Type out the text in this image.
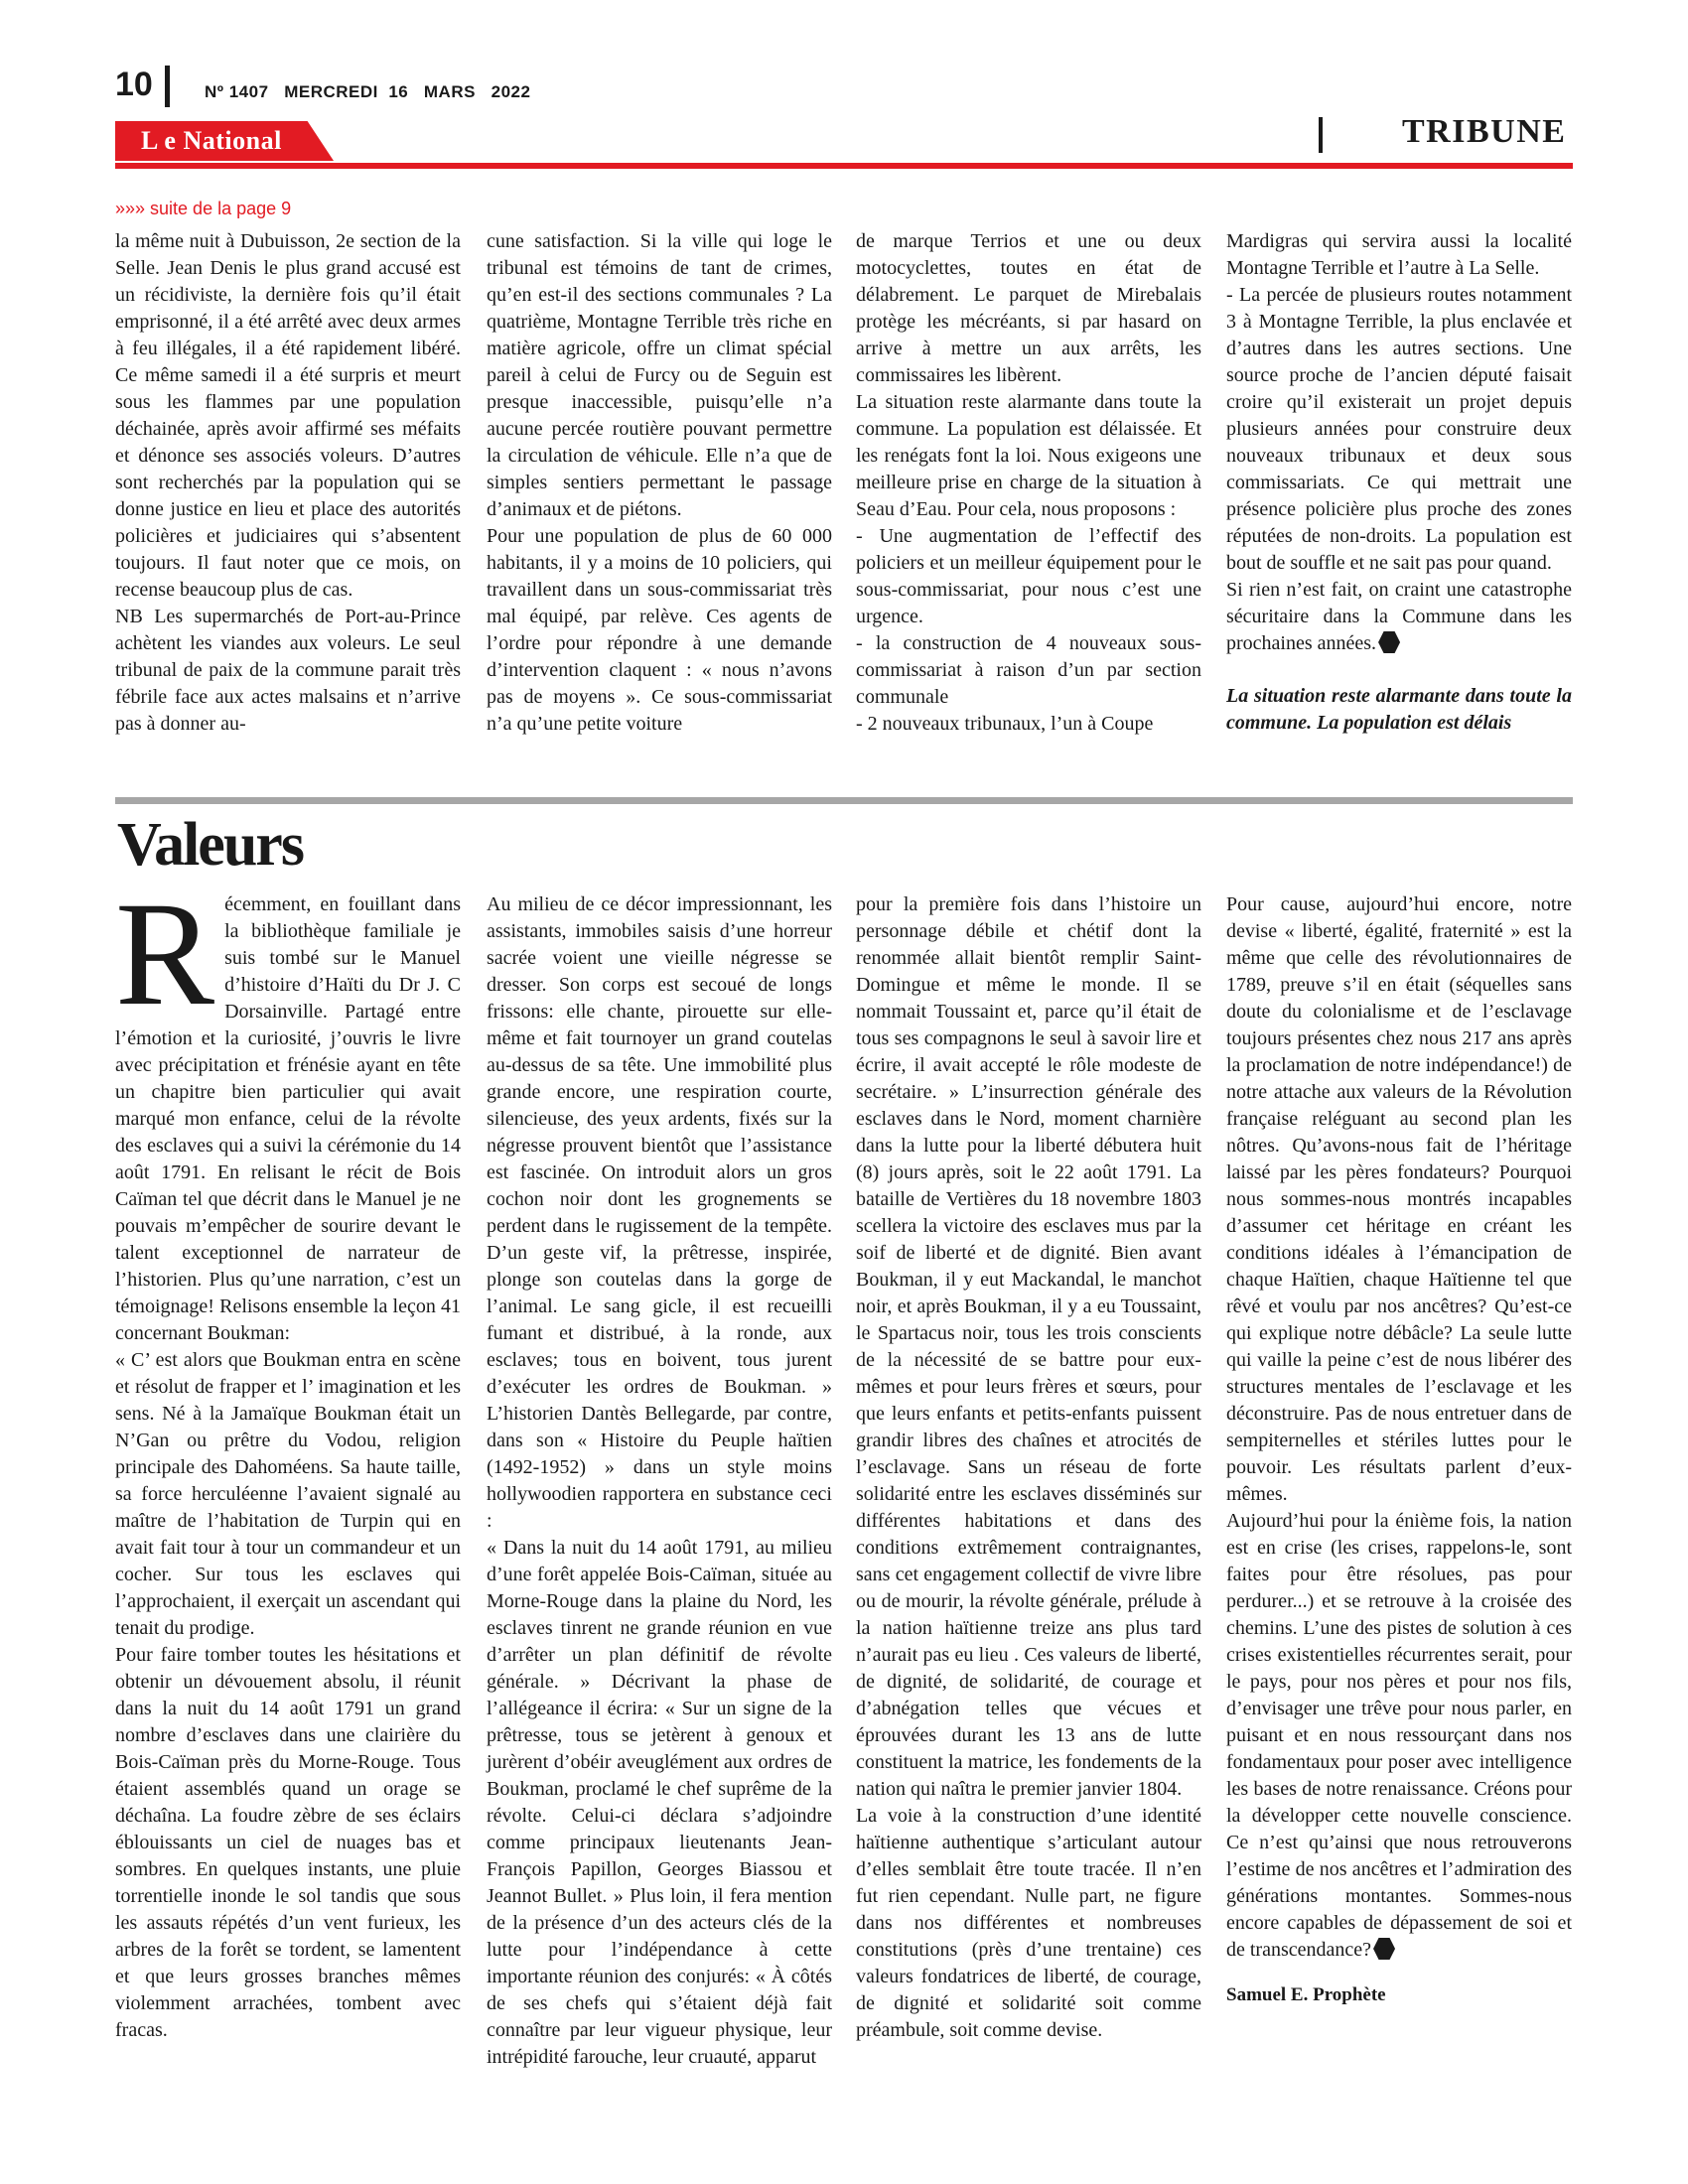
10	Nº 1407   MERCREDI  16   MARS   2022
L e National	TRIBUNE
»»» suite de la page 9

la même nuit à Dubuisson, 2e section de la Selle. Jean Denis le plus grand accusé est un récidiviste, la dernière fois qu’il était emprisonné, il a été arrêté avec deux armes à feu illégales, il a été rapidement libéré. Ce même samedi il a été surpris et meurt sous les flammes par une population déchainée, après avoir affirmé ses méfaits et dénonce ses associés voleurs. D’autres sont recherchés par la population qui se donne justice en lieu et place des autorités policières et judiciaires qui s’absentent toujours. Il faut noter que ce mois, on recense beaucoup plus de cas.

NB Les supermarchés de Port-au-Prince achètent les viandes aux voleurs. Le seul tribunal de paix de la commune parait très fébrile face aux actes malsains et n’arrive pas à donner au-

cune satisfaction. Si la ville qui loge le tribunal est témoins de tant de crimes, qu’en est-il des sections communales ? La quatrième, Montagne Terrible très riche en matière agricole, offre un climat spécial pareil à celui de Furcy ou de Seguin est presque inaccessible, puisqu’elle n’a aucune percée routière pouvant permettre la circulation de véhicule. Elle n’a que de simples sentiers permettant le passage d’animaux et de piétons.

Pour une population de plus de 60 000 habitants, il y a moins de 10 policiers, qui travaillent dans un sous-commissariat très mal équipé, par relève. Ces agents de l’ordre pour répondre à une demande d’intervention claquent : « nous n’avons pas de moyens ». Ce sous-commissariat n’a qu’une petite voiture

de marque Terrios et une ou deux motocyclettes, toutes en état de délabrement. Le parquet de Mirebalais protège les mécréants, si par hasard on arrive à mettre un aux arrêts, les commissaires les libèrent.

La situation reste alarmante dans toute la commune. La population est délaissée. Et les renégats font la loi. Nous exigeons une meilleure prise en charge de la situation à Seau d’Eau. Pour cela, nous proposons :

- Une augmentation de l’effectif des policiers et un meilleur équipement pour le sous-commissariat, pour nous c’est une urgence.

- la construction de 4 nouveaux sous-commissariat à raison d’un par section communale

- 2 nouveaux tribunaux, l’un à Coupe

Mardigras qui servira aussi la localité Montagne Terrible et l’autre à La Selle.

- La percée de plusieurs routes notamment 3 à Montagne Terrible, la plus enclavée et d’autres dans les autres sections. Une source proche de l’ancien député faisait croire qu’il existerait un projet depuis plusieurs années pour construire deux nouveaux tribunaux et deux sous commissariats. Ce qui mettrait une présence policière plus proche des zones réputées de non-droits. La population est bout de souffle et ne sait pas pour quand.

Si rien n’est fait, on craint une catastrophe sécuritaire dans la Commune dans les prochaines années.

La situation reste alarmante dans toute la commune. La population est délais

Valeurs

Récemment, en fouillant dans la bibliothèque familiale je suis tombé sur le Manuel d’histoire d’Haïti du Dr J. C Dorsainville. Partagé entre l’émotion et la curiosité, j’ouvris le livre avec précipitation et frénésie ayant en tête un chapitre bien particulier qui avait marqué mon enfance, celui de la révolte des esclaves qui a suivi la cérémonie du 14 août 1791. En relisant le récit de Bois Caïman tel que décrit dans le Manuel je ne pouvais m’empêcher de sourire devant le talent exceptionnel de narrateur de l’historien. Plus qu’une narration, c’est un témoignage! Relisons ensemble la leçon 41 concernant Boukman:

« C’ est alors que Boukman entra en scène et résolut de frapper et l’ imagination et les sens. Né à la Jamaïque Boukman était un N’Gan ou prêtre du Vodou, religion principale des Dahoméens. Sa haute taille, sa force herculéenne l’avaient signalé au maître de l’habitation de Turpin qui en avait fait tour à tour un commandeur et un cocher. Sur tous les esclaves qui l’approchaient, il exerçait un ascendant qui tenait du prodige.

Pour faire tomber toutes les hésitations et obtenir un dévouement absolu, il réunit dans la nuit du 14 août 1791 un grand nombre d’esclaves dans une clairière du Bois-Caïman près du Morne-Rouge. Tous étaient assemblés quand un orage se déchaîna. La foudre zèbre de ses éclairs éblouissants un ciel de nuages bas et sombres. En quelques instants, une pluie torrentielle inonde le sol tandis que sous les assauts répétés d’un vent furieux, les arbres de la forêt se tordent, se lamentent et que leurs grosses branches mêmes violemment arrachées, tombent avec fracas.

Au milieu de ce décor impressionnant, les assistants, immobiles saisis d’une horreur sacrée voient une vieille négresse se dresser. Son corps est secoué de longs frissons: elle chante, pirouette sur elle-même et fait tournoyer un grand coutelas au-dessus de sa tête. Une immobilité plus grande encore, une respiration courte, silencieuse, des yeux ardents, fixés sur la négresse prouvent bientôt que l’assistance est fascinée. On introduit alors un gros cochon noir dont les grognements se perdent dans le rugissement de la tempête. D’un geste vif, la prêtresse, inspirée, plonge son coutelas dans la gorge de l’animal. Le sang gicle, il est recueilli fumant et distribué, à la ronde, aux esclaves; tous en boivent, tous jurent d’exécuter les ordres de Boukman. » L’historien Dantès Bellegarde, par contre, dans son « Histoire du Peuple haïtien (1492-1952) » dans un style moins hollywoodien rapportera en substance ceci :

« Dans la nuit du 14 août 1791, au milieu d’une forêt appelée Bois-Caïman, située au Morne-Rouge dans la plaine du Nord, les esclaves tinrent ne grande réunion en vue d’arrêter un plan définitif de révolte générale. » Décrivant la phase de l’allégeance il écrira: « Sur un signe de la prêtresse, tous se jetèrent à genoux et jurèrent d’obéir aveuglément aux ordres de Boukman, proclamé le chef suprême de la révolte. Celui-ci déclara s’adjoindre comme principaux lieutenants Jean-François Papillon, Georges Biassou et Jeannot Bullet. » Plus loin, il fera mention de la présence d’un des acteurs clés de la lutte pour l’indépendance à cette importante réunion des conjurés: « À côtés de ses chefs qui s’étaient déjà fait connaître par leur vigueur physique, leur intrépidité farouche, leur cruauté, apparut

pour la première fois dans l’histoire un personnage débile et chétif dont la renommée allait bientôt remplir Saint-Domingue et même le monde. Il se nommait Toussaint et, parce qu’il était de tous ses compagnons le seul à savoir lire et écrire, il avait accepté le rôle modeste de secrétaire. » L’insurrection générale des esclaves dans le Nord, moment charnière dans la lutte pour la liberté débutera huit (8) jours après, soit le 22 août 1791. La bataille de Vertières du 18 novembre 1803 scellera la victoire des esclaves mus par la soif de liberté et de dignité. Bien avant Boukman, il y eut Mackandal, le manchot noir, et après Boukman, il y a eu Toussaint, le Spartacus noir, tous les trois conscients de la nécessité de se battre pour eux-mêmes et pour leurs frères et sœurs, pour que leurs enfants et petits-enfants puissent grandir libres des chaînes et atrocités de l’esclavage. Sans un réseau de forte solidarité entre les esclaves disséminés sur différentes habitations et dans des conditions extrêmement contraignantes, sans cet engagement collectif de vivre libre ou de mourir, la révolte générale, prélude à la nation haïtienne treize ans plus tard n’aurait pas eu lieu . Ces valeurs de liberté, de dignité, de solidarité, de courage et d’abnégation telles que vécues et éprouvées durant les 13 ans de lutte constituent la matrice, les fondements de la nation qui naîtra le premier janvier 1804.

La voie à la construction d’une identité haïtienne authentique s’articulant autour d’elles semblait être toute tracée. Il n’en fut rien cependant. Nulle part, ne figure dans nos différentes et nombreuses constitutions (près d’une trentaine) ces valeurs fondatrices de liberté, de courage, de dignité et solidarité soit comme préambule, soit comme devise.

Pour cause, aujourd’hui encore, notre devise « liberté, égalité, fraternité » est la même que celle des révolutionnaires de 1789, preuve s’il en était (séquelles sans doute du colonialisme et de l’esclavage toujours présentes chez nous 217 ans après la proclamation de notre indépendance!) de notre attache aux valeurs de la Révolution française reléguant au second plan les nôtres. Qu’avons-nous fait de l’héritage laissé par les pères fondateurs? Pourquoi nous sommes-nous montrés incapables d’assumer cet héritage en créant les conditions idéales à l’émancipation de chaque Haïtien, chaque Haïtienne tel que rêvé et voulu par nos ancêtres? Qu’est-ce qui explique notre débâcle? La seule lutte qui vaille la peine c’est de nous libérer des structures mentales de l’esclavage et les déconstruire. Pas de nous entretuer dans de sempiternelles et stériles luttes pour le pouvoir. Les résultats parlent d’eux-mêmes.

Aujourd’hui pour la énième fois, la nation est en crise (les crises, rappelons-le, sont faites pour être résolues, pas pour perdurer...) et se retrouve à la croisée des chemins. L’une des pistes de solution à ces crises existentielles récurrentes serait, pour le pays, pour nos pères et pour nos fils, d’envisager une trêve pour nous parler, en puisant et en nous ressourçant dans nos fondamentaux pour poser avec intelligence les bases de notre renaissance. Créons pour la développer cette nouvelle conscience. Ce n’est qu’ainsi que nous retrouverons l’estime de nos ancêtres et l’admiration des générations montantes. Sommes-nous encore capables de dépassement de soi et de transcendance?

Samuel E. Prophète
